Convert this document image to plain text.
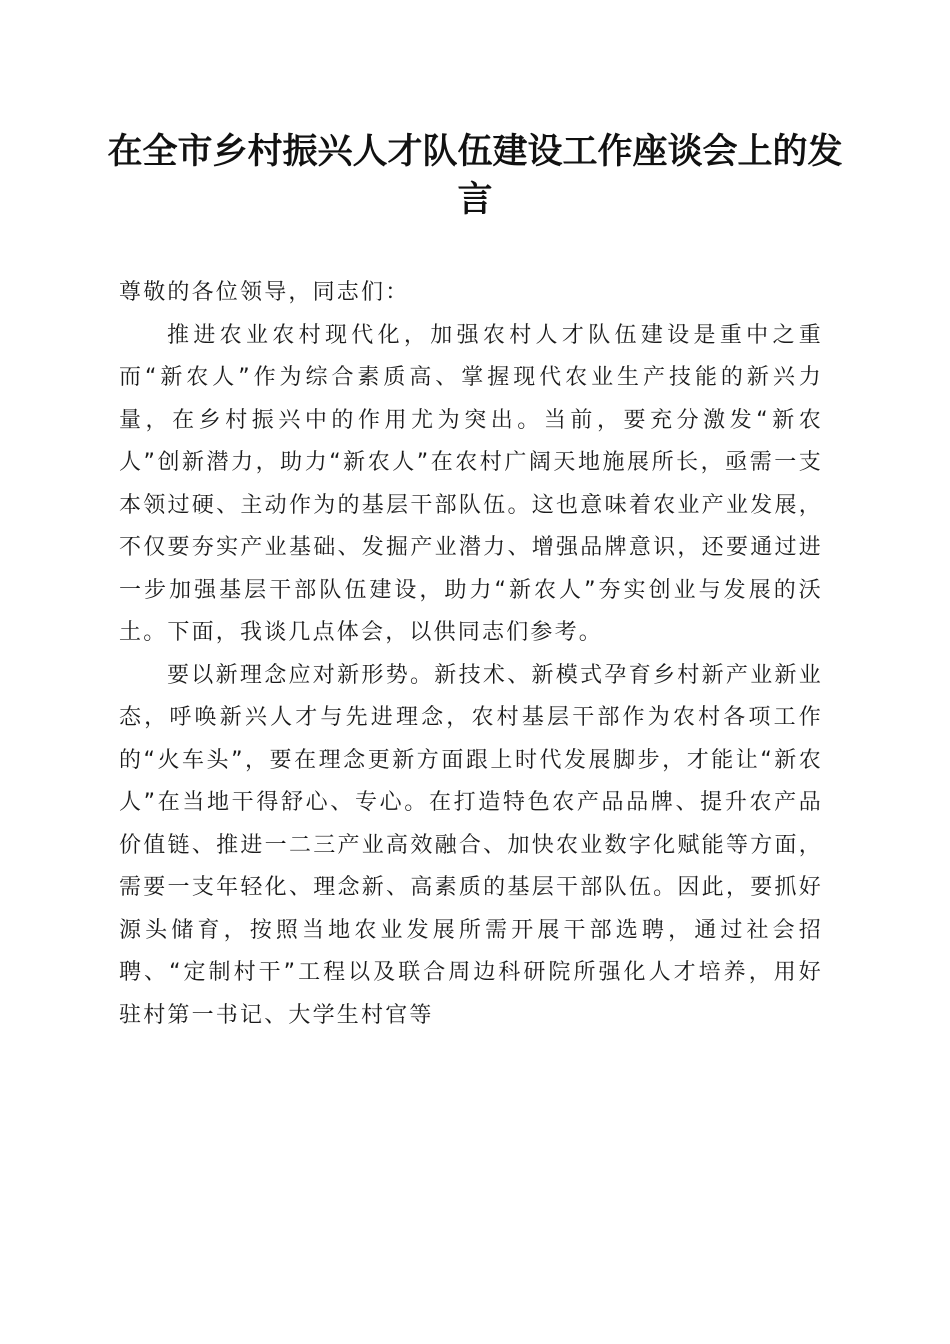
在全市乡村振兴人才队伍建设工作座谈会上的发言

尊敬的各位领导，同志们：

推进农业农村现代化，加强农村人才队伍建设是重中之重而“新农人”作为综合素质高、掌握现代农业生产技能的新兴力量，在乡村振兴中的作用尤为突出。当前，要充分激发“新农人”创新潜力，助力“新农人”在农村广阔天地施展所长，亟需一支本领过硬、主动作为的基层干部队伍。这也意味着农业产业发展，不仅要夯实产业基础、发掘产业潜力、增强品牌意识，还要通过进一步加强基层干部队伍建设，助力“新农人”夯实创业与发展的沃土。下面，我谈几点体会，以供同志们参考。

要以新理念应对新形势。新技术、新模式孕育乡村新产业新业态，呼唤新兴人才与先进理念，农村基层干部作为农村各项工作的“火车头”，要在理念更新方面跟上时代发展脚步，才能让“新农人”在当地干得舒心、专心。在打造特色农产品品牌、提升农产品价值链、推进一二三产业高效融合、加快农业数字化赋能等方面，需要一支年轻化、理念新、高素质的基层干部队伍。因此，要抓好源头储育，按照当地农业发展所需开展干部选聘，通过社会招聘、“定制村干”工程以及联合周边科研院所强化人才培养，用好驻村第一书记、大学生村官等
